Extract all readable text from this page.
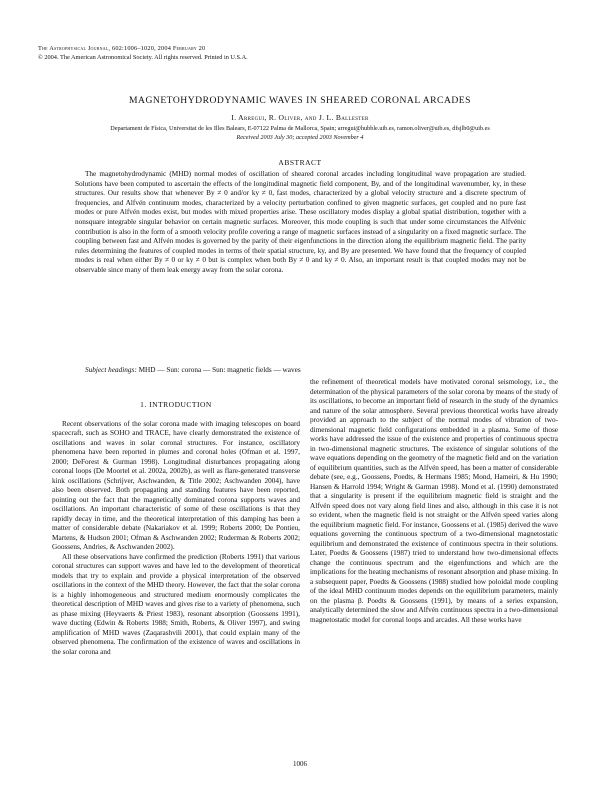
The Astrophysical Journal, 602:1006–1020, 2004 February 20
© 2004. The American Astronomical Society. All rights reserved. Printed in U.S.A.
MAGNETOHYDRODYNAMIC WAVES IN SHEARED CORONAL ARCADES
I. Arregui, R. Oliver, and J. L. Ballester
Departament de Física, Universitat de les Illes Balears, E-07122 Palma de Mallorca, Spain; arregui@hubble.uib.es, ramon.oliver@uib.es, dfsjlb0@uib.es
Received 2003 July 30; accepted 2003 November 4
ABSTRACT

The magnetohydrodynamic (MHD) normal modes of oscillation of sheared coronal arcades including longitudinal wave propagation are studied. Solutions have been computed to ascertain the effects of the longitudinal magnetic field component, By, and of the longitudinal wavenumber, ky, in these structures. Our results show that whenever By ≠ 0 and/or ky ≠ 0, fast modes, characterized by a global velocity structure and a discrete spectrum of frequencies, and Alfvén continuum modes, characterized by a velocity perturbation confined to given magnetic surfaces, get coupled and no pure fast modes or pure Alfvén modes exist, but modes with mixed properties arise. These oscillatory modes display a global spatial distribution, together with a nonsquare integrable singular behavior on certain magnetic surfaces. Moreover, this mode coupling is such that under some circumstances the Alfvénic contribution is also in the form of a smooth velocity profile covering a range of magnetic surfaces instead of a singularity on a fixed magnetic surface. The coupling between fast and Alfvén modes is governed by the parity of their eigenfunctions in the direction along the equilibrium magnetic field. The parity rules determining the features of coupled modes in terms of their spatial structure, ky, and By are presented. We have found that the frequency of coupled modes is real when either By ≠ 0 or ky ≠ 0 but is complex when both By ≠ 0 and ky ≠ 0. Also, an important result is that coupled modes may not be observable since many of them leak energy away from the solar corona.

Subject headings: MHD — Sun: corona — Sun: magnetic fields — waves
1. INTRODUCTION

Recent observations of the solar corona made with imaging telescopes on board spacecraft, such as SOHO and TRACE, have clearly demonstrated the existence of oscillations and waves in solar coronal structures. For instance, oscillatory phenomena have been reported in plumes and coronal holes (Ofman et al. 1997, 2000; DeForest & Gurman 1998). Longitudinal disturbances propagating along coronal loops (De Moortel et al. 2002a, 2002b), as well as flare-generated transverse kink oscillations (Schrijver, Aschwanden, & Title 2002; Aschwanden 2004), have also been observed. Both propagating and standing features have been reported, pointing out the fact that the magnetically dominated corona supports waves and oscillations. An important characteristic of some of these oscillations is that they rapidly decay in time, and the theoretical interpretation of this damping has been a matter of considerable debate (Nakariakov et al. 1999; Roberts 2000; De Pontieu, Martens, & Hudson 2001; Ofman & Aschwanden 2002; Ruderman & Roberts 2002; Goossens, Andries, & Aschwanden 2002).

All these observations have confirmed the prediction (Roberts 1991) that various coronal structures can support waves and have led to the development of theoretical models that try to explain and provide a physical interpretation of the observed oscillations in the context of the MHD theory. However, the fact that the solar corona is a highly inhomogeneous and structured medium enormously complicates the theoretical description of MHD waves and gives rise to a variety of phenomena, such as phase mixing (Heyvaerts & Priest 1983), resonant absorption (Goossens 1991), wave ducting (Edwin & Roberts 1988; Smith, Roberts, & Oliver 1997), and swing amplification of MHD waves (Zaqarashvili 2001), that could explain many of the observed phenomena. The confirmation of the existence of waves and oscillations in the solar corona and

the refinement of theoretical models have motivated coronal seismology, i.e., the determination of the physical parameters of the solar corona by means of the study of its oscillations, to become an important field of research in the study of the dynamics and nature of the solar atmosphere. Several previous theoretical works have already provided an approach to the subject of the normal modes of vibration of two-dimensional magnetic field configurations embedded in a plasma. Some of those works have addressed the issue of the existence and properties of continuous spectra in two-dimensional magnetic structures. The existence of singular solutions of the wave equations depending on the geometry of the magnetic field and on the variation of equilibrium quantities, such as the Alfvén speed, has been a matter of considerable debate (see, e.g., Goossens, Poedts, & Hermans 1985; Mond, Hameiri, & Hu 1990; Hansen & Harrold 1994; Wright & Garman 1998). Mond et al. (1990) demonstrated that a singularity is present if the equilibrium magnetic field is straight and the Alfvén speed does not vary along field lines and also, although in this case it is not so evident, when the magnetic field is not straight or the Alfvén speed varies along the equilibrium magnetic field. For instance, Goossens et al. (1985) derived the wave equations governing the continuous spectrum of a two-dimensional magnetostatic equilibrium and demonstrated the existence of continuous spectra in their solutions. Later, Poedts & Goossens (1987) tried to understand how two-dimensional effects change the continuous spectrum and the eigenfunctions and which are the implications for the heating mechanisms of resonant absorption and phase mixing. In a subsequent paper, Poedts & Goossens (1988) studied how poloidal mode coupling of the ideal MHD continuum modes depends on the equilibrium parameters, mainly on the plasma β. Poedts & Goossens (1991), by means of a series expansion, analytically determined the slow and Alfvén continuous spectra in a two-dimensional magnetostatic model for coronal loops and arcades. All these works have

1006
